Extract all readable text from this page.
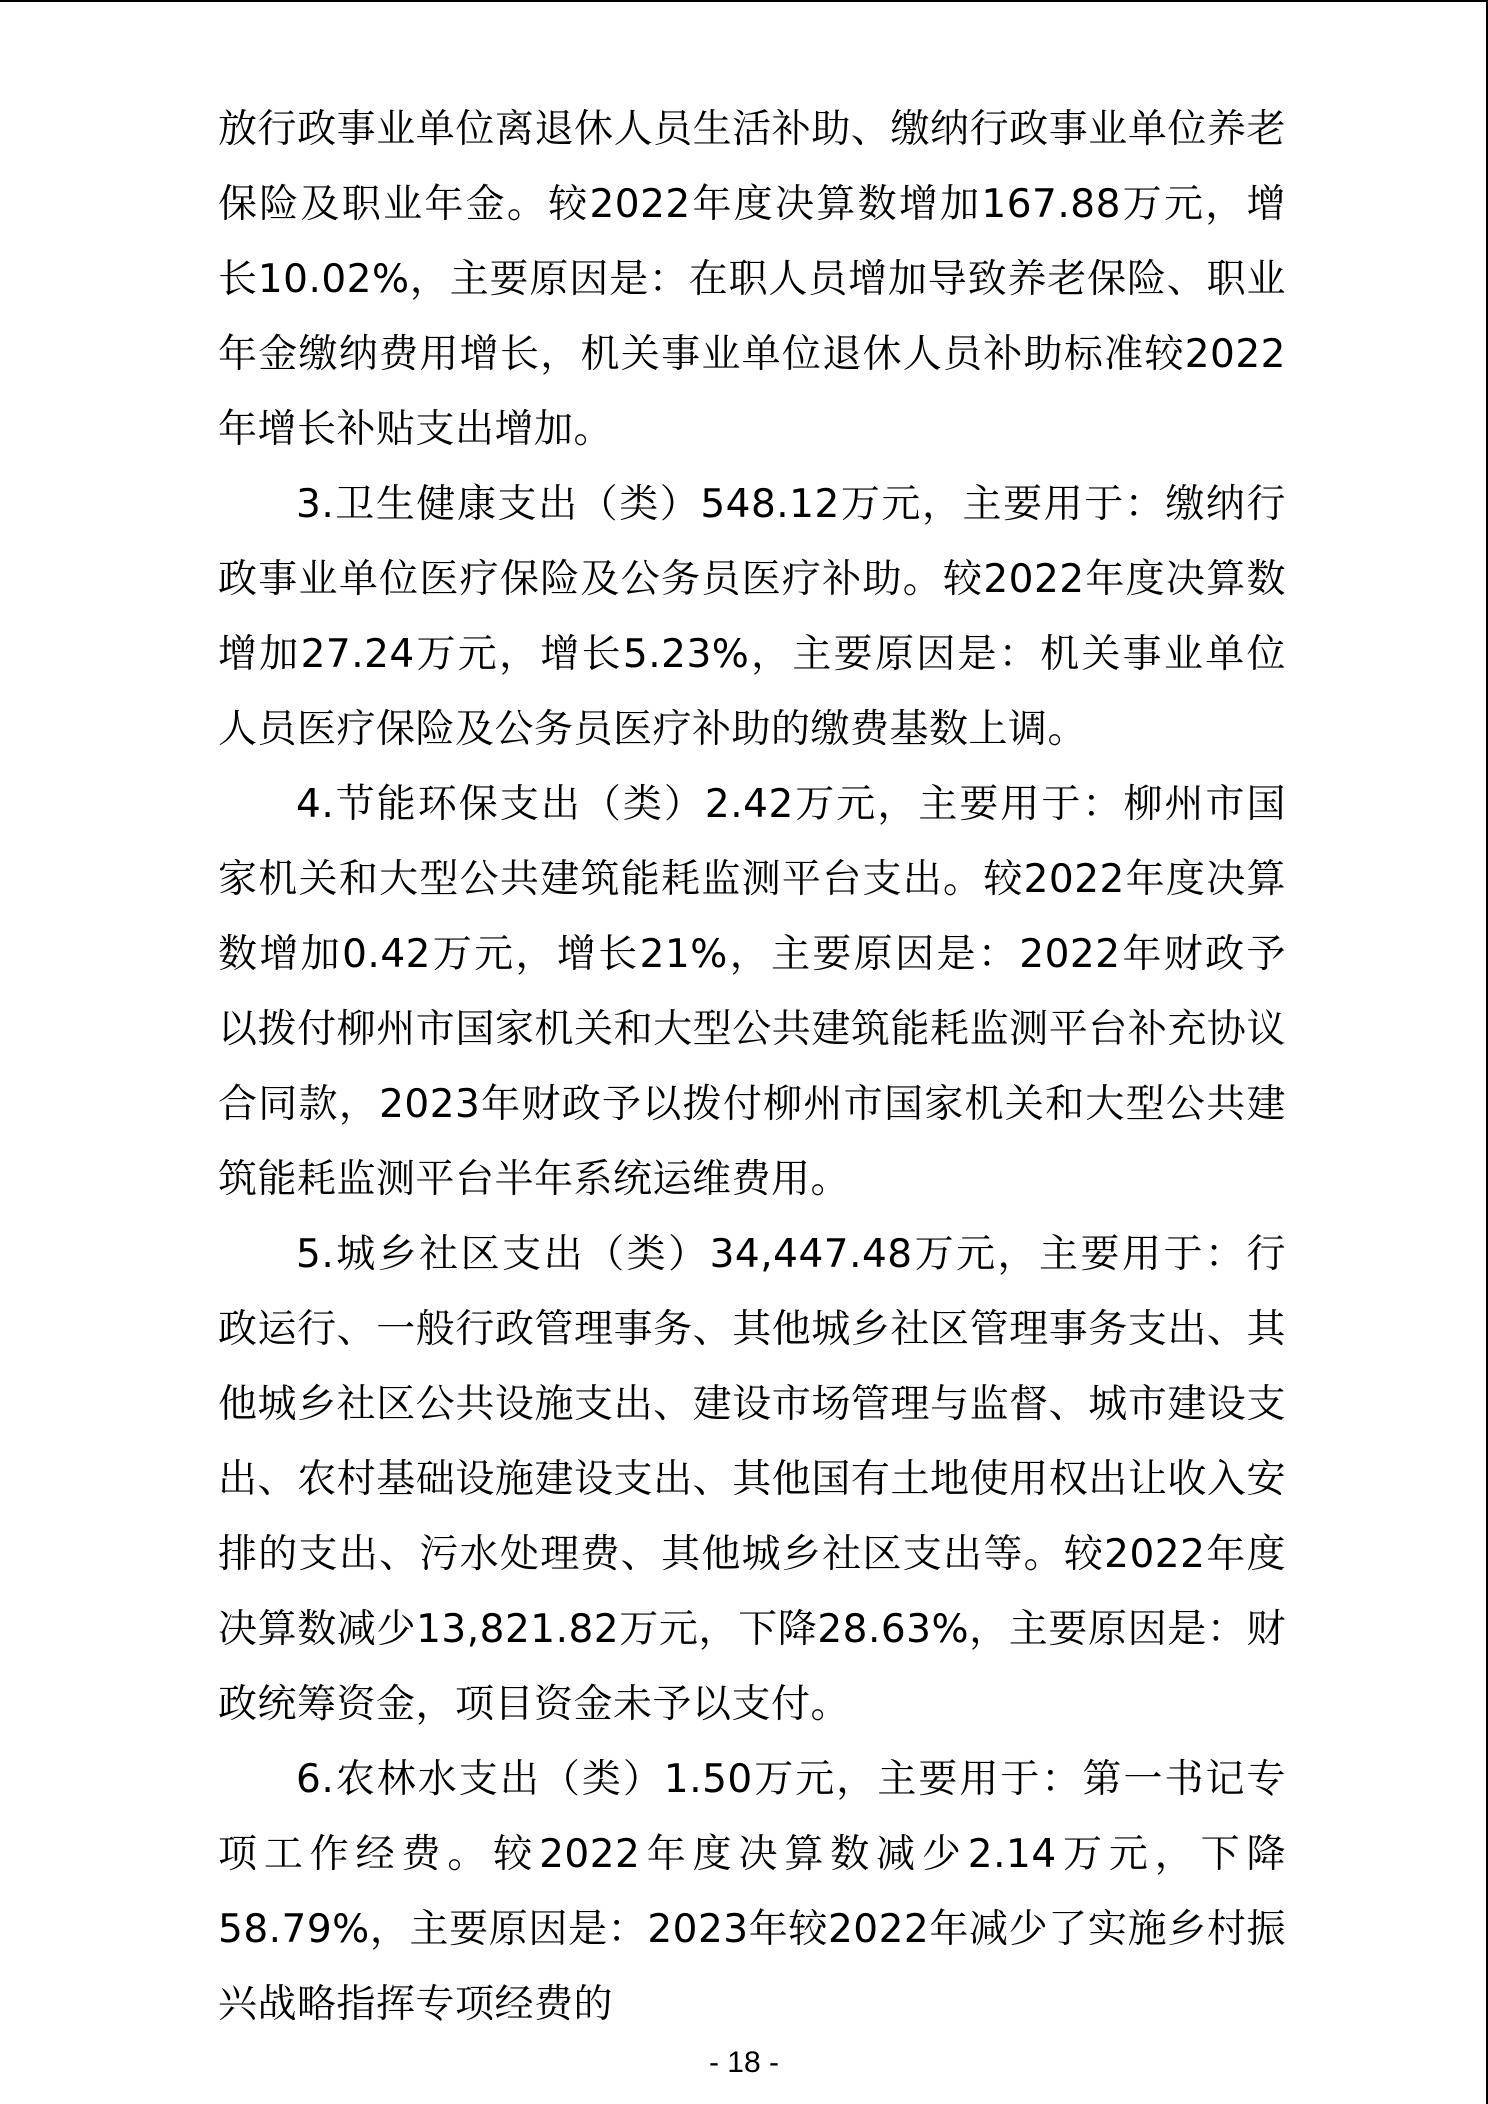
放行政事业单位离退休人员生活补助、缴纳行政事业单位养老保险及职业年金。较2022年度决算数增加167.88万元，增长10.02%，主要原因是：在职人员增加导致养老保险、职业年金缴纳费用增长，机关事业单位退休人员补助标准较2022年增长补贴支出增加。

3.卫生健康支出（类）548.12万元，主要用于：缴纳行政事业单位医疗保险及公务员医疗补助。较2022年度决算数增加27.24万元，增长5.23%，主要原因是：机关事业单位人员医疗保险及公务员医疗补助的缴费基数上调。

4.节能环保支出（类）2.42万元，主要用于：柳州市国家机关和大型公共建筑能耗监测平台支出。较2022年度决算数增加0.42万元，增长21%，主要原因是：2022年财政予以拨付柳州市国家机关和大型公共建筑能耗监测平台补充协议合同款，2023年财政予以拨付柳州市国家机关和大型公共建筑能耗监测平台半年系统运维费用。

5.城乡社区支出（类）34,447.48万元，主要用于：行政运行、一般行政管理事务、其他城乡社区管理事务支出、其他城乡社区公共设施支出、建设市场管理与监督、城市建设支出、农村基础设施建设支出、其他国有土地使用权出让收入安排的支出、污水处理费、其他城乡社区支出等。较2022年度决算数减少13,821.82万元，下降28.63%，主要原因是：财政统筹资金，项目资金未予以支付。

6.农林水支出（类）1.50万元，主要用于：第一书记专项工作经费。较2022年度决算数减少2.14万元，下降58.79%，主要原因是：2023年较2022年减少了实施乡村振兴战略指挥专项经费的

- 18 -
